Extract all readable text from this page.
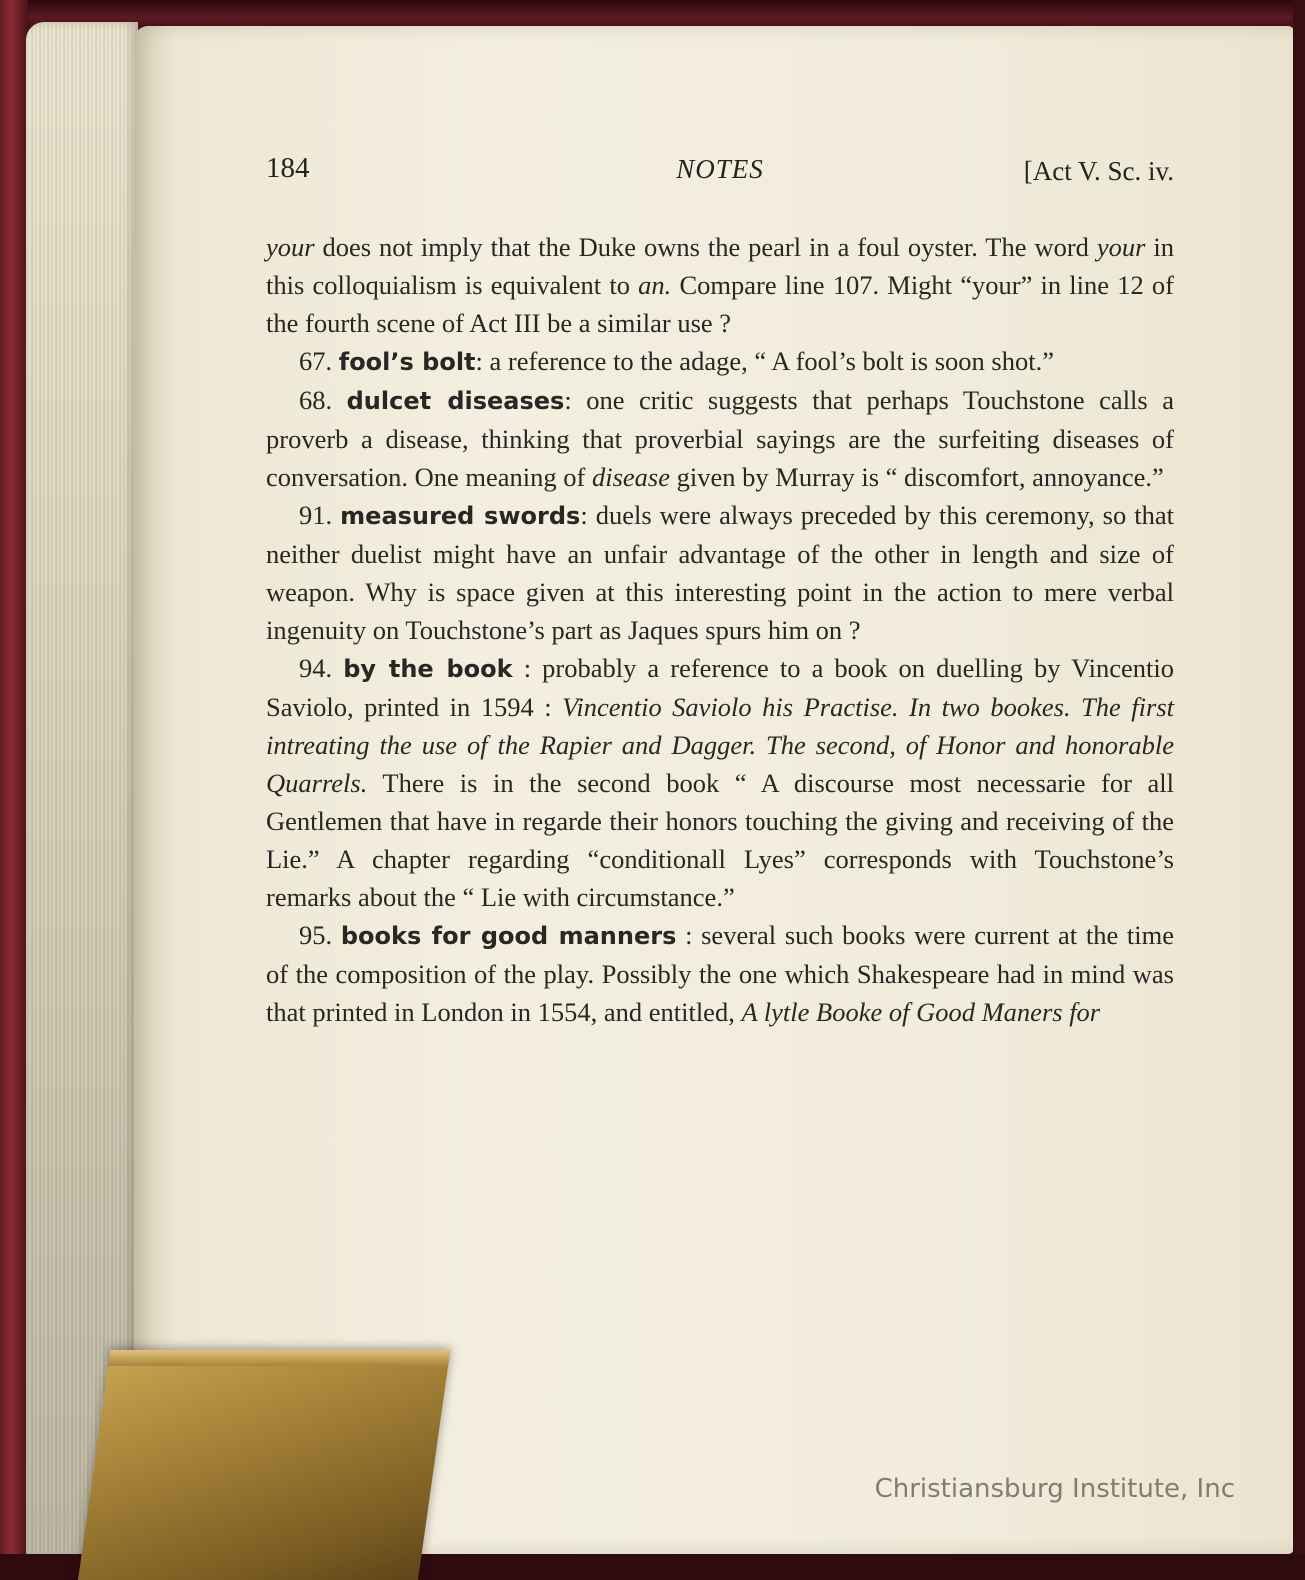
184	NOTES	[Act V. Sc. iv.

your does not imply that the Duke owns the pearl in a foul oyster. The word your in this colloquialism is equivalent to an. Compare line 107. Might “your” in line 12 of the fourth scene of Act III be a similar use ?

67. fool’s bolt: a reference to the adage, “ A fool’s bolt is soon shot.”

68. dulcet diseases: one critic suggests that perhaps Touchstone calls a proverb a disease, thinking that proverbial sayings are the surfeiting diseases of conversation. One meaning of disease given by Murray is “ discomfort, annoyance.”

91. measured swords: duels were always preceded by this ceremony, so that neither duelist might have an unfair advantage of the other in length and size of weapon. Why is space given at this interesting point in the action to mere verbal ingenuity on Touchstone’s part as Jaques spurs him on ?

94. by the book : probably a reference to a book on duelling by Vincentio Saviolo, printed in 1594 : Vincentio Saviolo his Practise. In two bookes. The first intreating the use of the Rapier and Dagger. The second, of Honor and honorable Quarrels. There is in the second book “ A discourse most necessarie for all Gentlemen that have in regarde their honors touching the giving and receiving of the Lie.” A chapter regarding “conditionall Lyes” corresponds with Touchstone’s remarks about the “ Lie with circumstance.”

95. books for good manners : several such books were current at the time of the composition of the play. Possibly the one which Shakespeare had in mind was that printed in London in 1554, and entitled, A lytle Booke of Good Maners for

Christiansburg Institute, Inc
